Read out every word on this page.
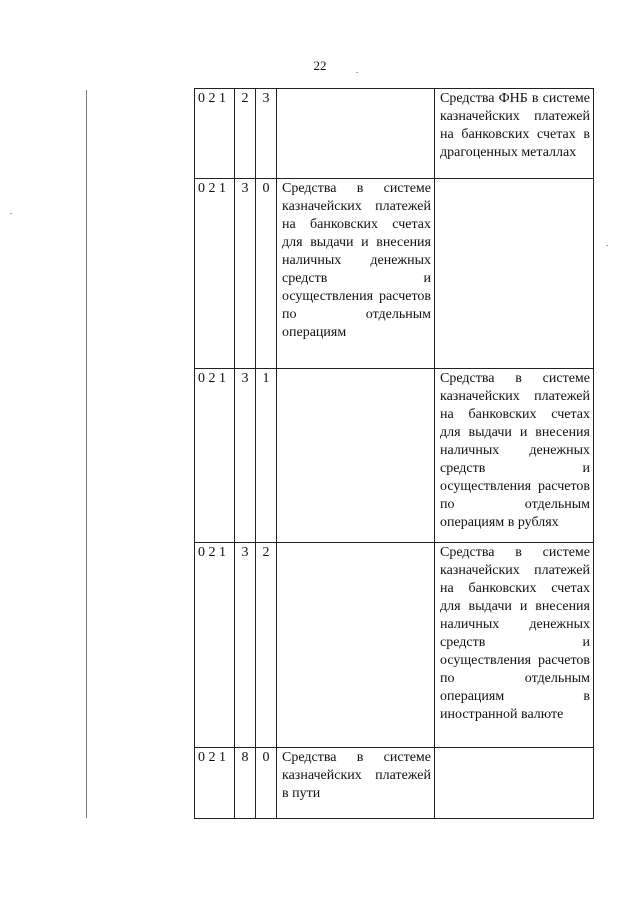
22
0 2 1	2	3		Средства ФНБ в системе казначейских платежей на банковских счетах в драгоценных металлах
0 2 1	3	0	Средства в системе казначейских платежей на банковских счетах для выдачи и внесения наличных денежных средств и осуществления расчетов по отдельным операциям	
0 2 1	3	1		Средства в системе казначейских платежей на банковских счетах для выдачи и внесения наличных денежных средств и осуществления расчетов по отдельным операциям в рублях
0 2 1	3	2		Средства в системе казначейских платежей на банковских счетах для выдачи и внесения наличных денежных средств и осуществления расчетов по отдельным операциям в иностранной валюте
0 2 1	8	0	Средства в системе казначейских платежей в пути	
